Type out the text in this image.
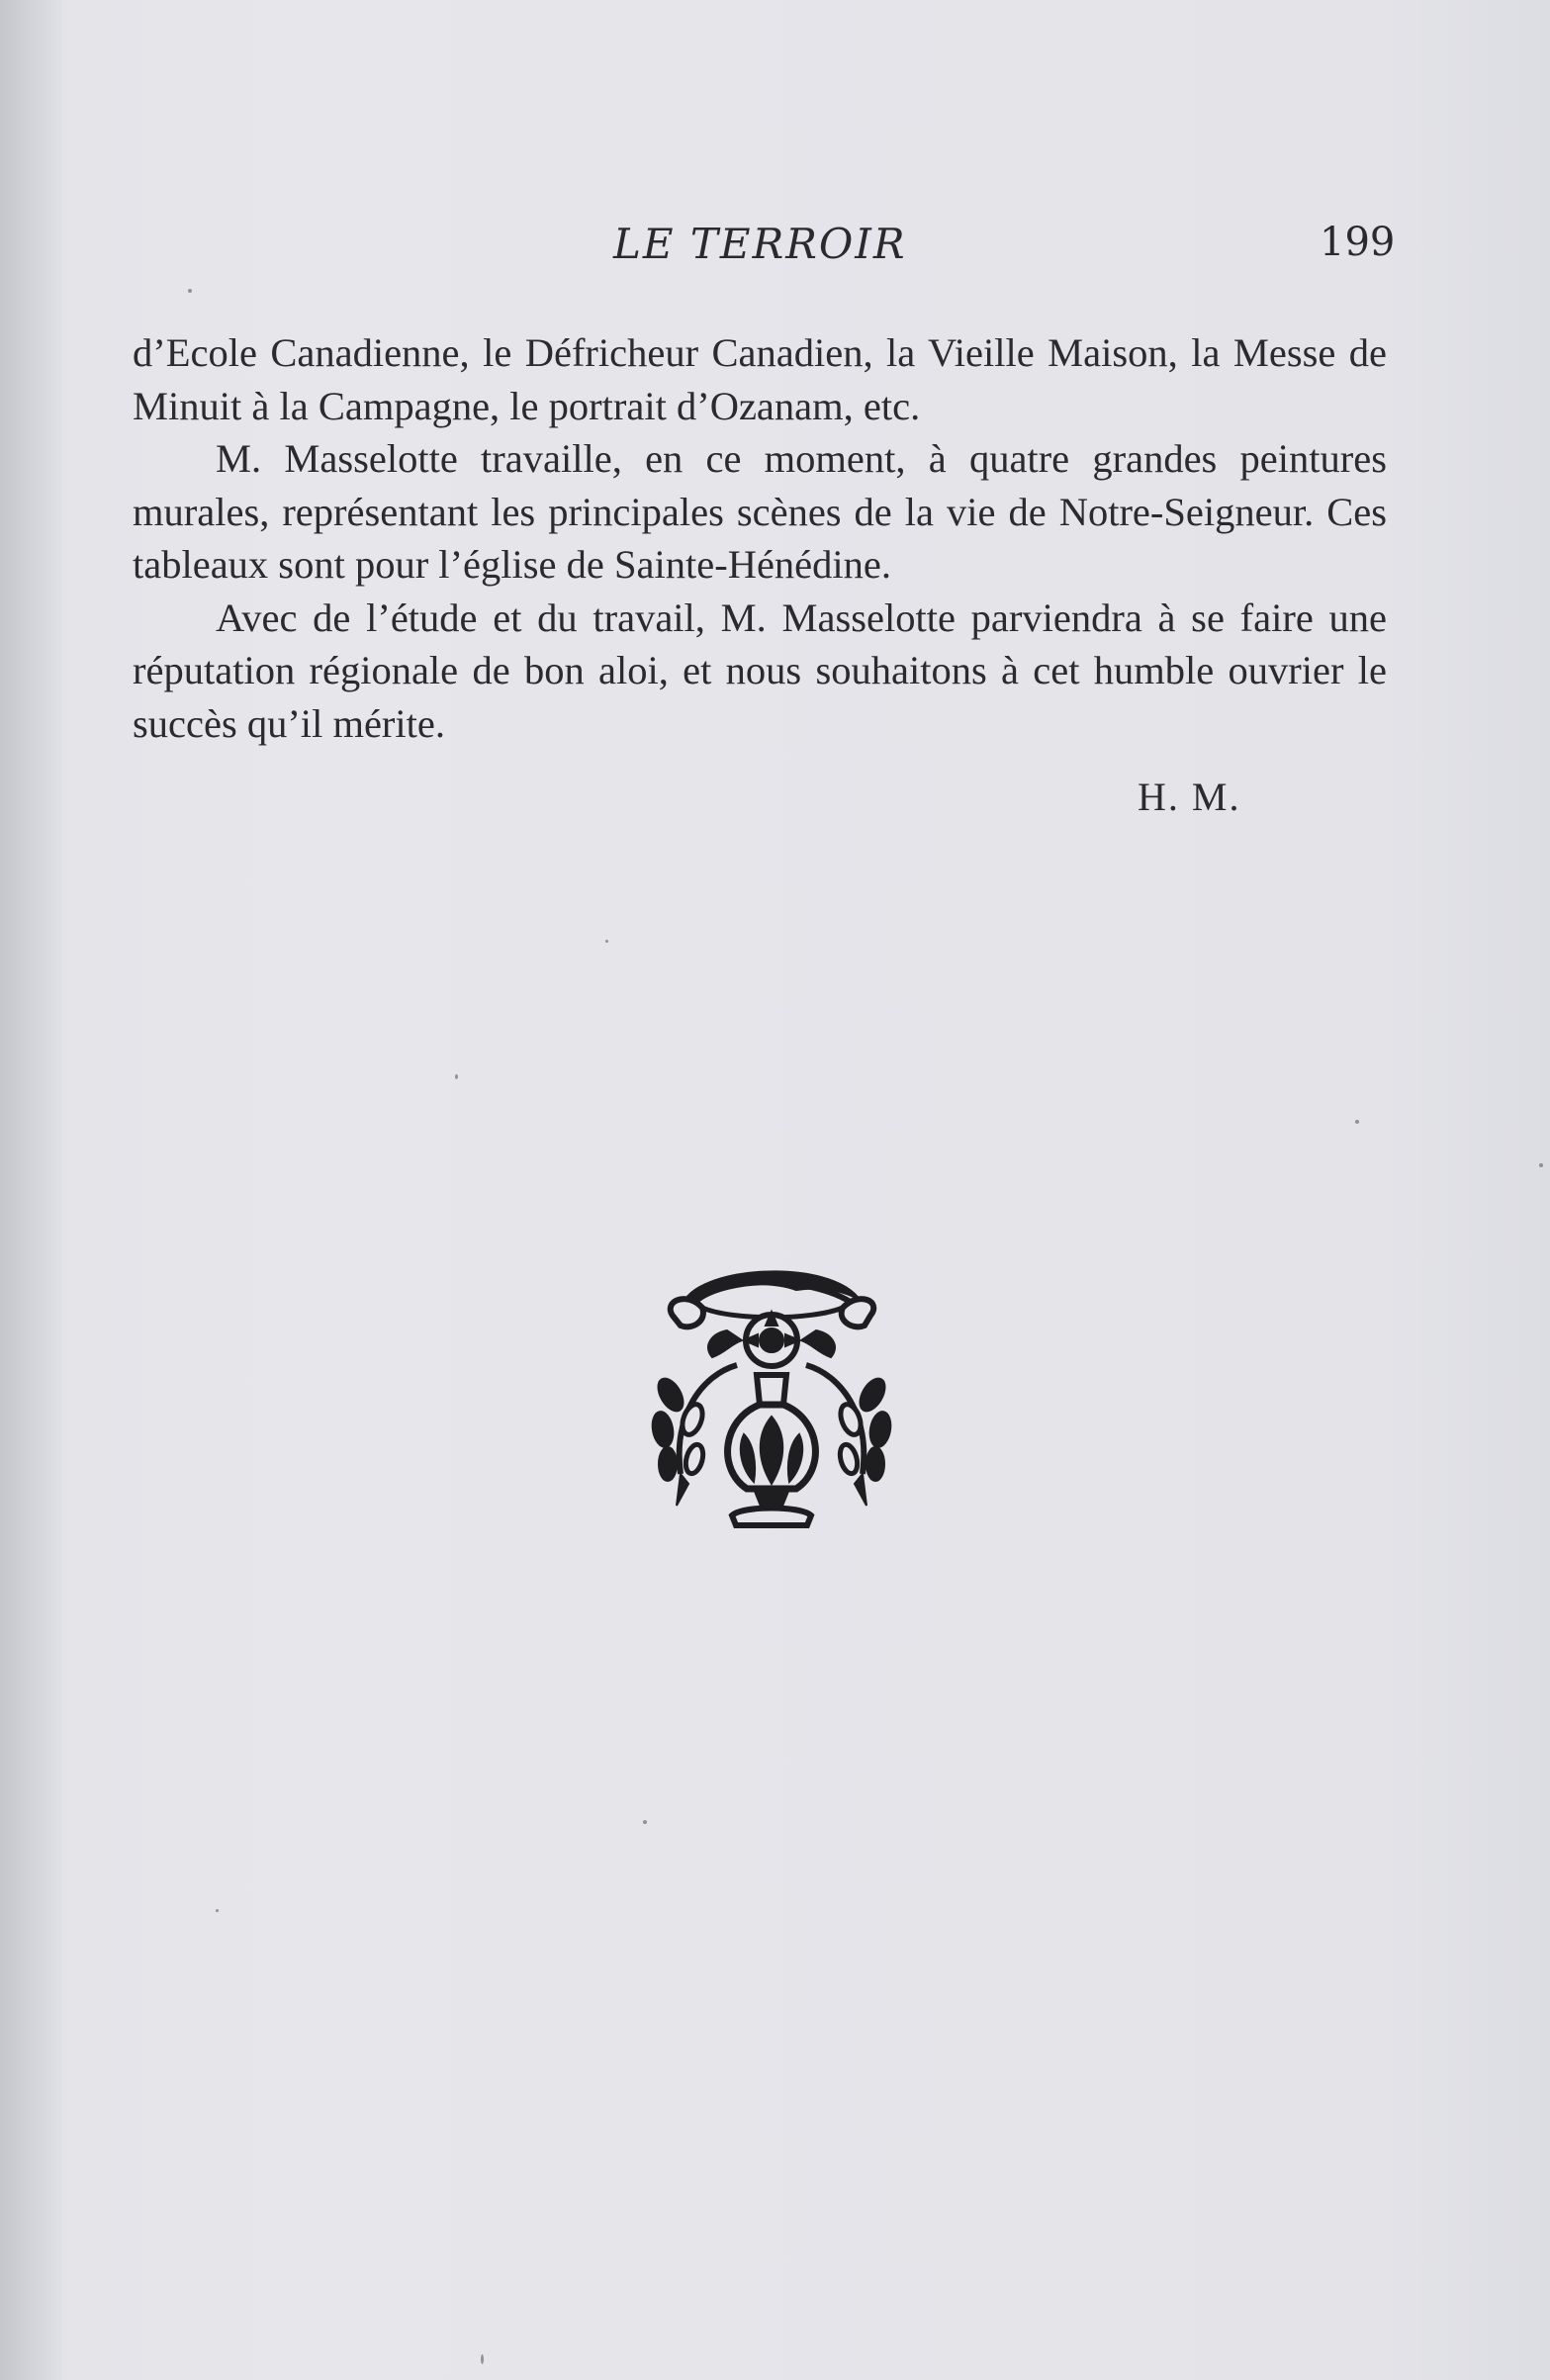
LE TERROIR	199

d’Ecole Canadienne, le Défricheur Canadien, la Vieille Maison, la Messe de Minuit à la Campagne, le portrait d’Ozanam, etc.

M. Masselotte travaille, en ce moment, à quatre grandes peintures murales, représentant les principales scènes de la vie de Notre-Seigneur. Ces tableaux sont pour l’église de Sainte-Hénédine.

Avec de l’étude et du travail, M. Masselotte parviendra à se faire une réputation régionale de bon aloi, et nous souhaitons à cet humble ouvrier le succès qu’il mérite.

H. M.
